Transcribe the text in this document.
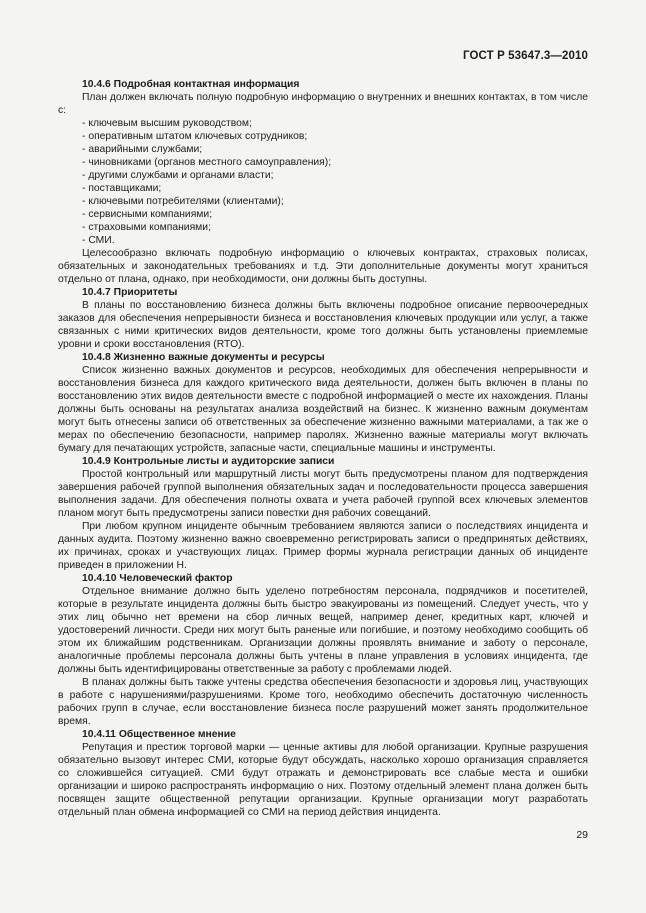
ГОСТ Р 53647.3—2010

10.4.6 Подробная контактная информация

План должен включать полную подробную информацию о внутренних и внешних контактах, в том числе с:

- ключевым высшим руководством;

- оперативным штатом ключевых сотрудников;

- аварийными службами;

- чиновниками (органов местного самоуправления);

- другими службами и органами власти;

- поставщиками;

- ключевыми потребителями (клиентами);

- сервисными компаниями;

- страховыми компаниями;

- СМИ.

Целесообразно включать подробную информацию о ключевых контрактах, страховых полисах, обязательных и законодательных требованиях и т.д. Эти дополнительные документы могут храниться отдельно от плана, однако, при необходимости, они должны быть доступны.

10.4.7 Приоритеты

В планы по восстановлению бизнеса должны быть включены подробное описание первоочередных заказов для обеспечения непрерывности бизнеса и восстановления ключевых продукции или услуг, а также связанных с ними критических видов деятельности, кроме того должны быть установлены приемлемые уровни и сроки восстановления (RTO).

10.4.8 Жизненно важные документы и ресурсы

Список жизненно важных документов и ресурсов, необходимых для обеспечения непрерывности и восстановления бизнеса для каждого критического вида деятельности, должен быть включен в планы по восстановлению этих видов деятельности вместе с подробной информацией о месте их нахождения. Планы должны быть основаны на результатах анализа воздействий на бизнес. К жизненно важным документам могут быть отнесены записи об ответственных за обеспечение жизненно важными материалами, а так же о мерах по обеспечению безопасности, например паролях. Жизненно важные материалы могут включать бумагу для печатающих устройств, запасные части, специальные машины и инструменты.

10.4.9 Контрольные листы и аудиторские записи

Простой контрольный или маршрутный листы могут быть предусмотрены планом для подтверждения завершения рабочей группой выполнения обязательных задач и последовательности процесса завершения выполнения задачи. Для обеспечения полноты охвата и учета рабочей группой всех ключевых элементов планом могут быть предусмотрены записи повестки дня рабочих совещаний.

При любом крупном инциденте обычным требованием являются записи о последствиях инцидента и данных аудита. Поэтому жизненно важно своевременно регистрировать записи о предпринятых действиях, их причинах, сроках и участвующих лицах. Пример формы журнала регистрации данных об инциденте приведен в приложении Н.

10.4.10 Человеческий фактор

Отдельное внимание должно быть уделено потребностям персонала, подрядчиков и посетителей, которые в результате инцидента должны быть быстро эвакуированы из помещений. Следует учесть, что у этих лиц обычно нет времени на сбор личных вещей, например денег, кредитных карт, ключей и удостоверений личности. Среди них могут быть раненые или погибшие, и поэтому необходимо сообщить об этом их ближайшим родственникам. Организации должны проявлять внимание и заботу о персонале, аналогичные проблемы персонала должны быть учтены в плане управления в условиях инцидента, где должны быть идентифицированы ответственные за работу с проблемами людей.

В планах должны быть также учтены средства обеспечения безопасности и здоровья лиц, участвующих в работе с нарушениями/разрушениями. Кроме того, необходимо обеспечить достаточную численность рабочих групп в случае, если восстановление бизнеса после разрушений может занять продолжительное время.

10.4.11 Общественное мнение

Репутация и престиж торговой марки — ценные активы для любой организации. Крупные разрушения обязательно вызовут интерес СМИ, которые будут обсуждать, насколько хорошо организация справляется со сложившейся ситуацией. СМИ будут отражать и демонстрировать все слабые места и ошибки организации и широко распространять информацию о них. Поэтому отдельный элемент плана должен быть посвящен защите общественной репутации организации. Крупные организации могут разработать отдельный план обмена информацией со СМИ на период действия инцидента.

29
